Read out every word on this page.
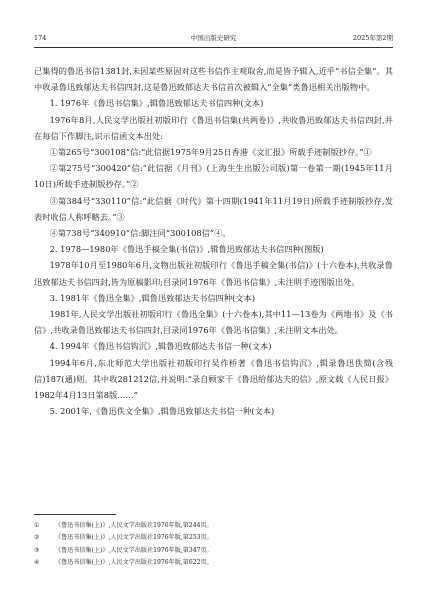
174	中国出版史研究	2025年第2期

已集得的鲁迅书信1381封,未因某些原因对这些书信作主观取舍,而是皆予辑入,近乎“书信全集”。其中收录鲁迅致郁达夫书信四封,这是鲁迅致郁达夫书信首次被辑入“全集”类鲁迅相关出版物中。

1. 1976年《鲁迅书信集》,辑鲁迅致郁达夫书信四种(文本)

1976年8月,人民文学出版社初版印行《鲁迅书信集(共两卷)》,共收鲁迅致郁达夫书信四封,并在每信下作脚注,识示信函文本出处:

①第265号“300108”信:“此信据1975年9月25日香港《文汇报》所载手迹制版抄存。”①

②第275号“300420”信:“此信据《月刊》(上海生生出版公司版)第一卷第一期(1945年11月10日)所载手迹制版抄存。”②

③第384号“330110”信:“此信据《时代》第十四期(1941年11月19日)所载手迹制版抄存,发表时收信人称呼略去。”③

④第738号“340910”信:脚注同“300108信”④。

2. 1978—1980年《鲁迅手稿全集(书信)》,辑鲁迅致郁达夫书信四种(图版)

1978年10月至1980年6月,文物出版社初版印行《鲁迅手稿全集(书信)》(十六卷本),共收录鲁迅致郁达夫书信四封,皆为原稿影印;目录同1976年《鲁迅书信集》,未注明手迹图版出处。

3. 1981年《鲁迅全集》,辑鲁迅致郁达夫书信四种(文本)

1981年,人民文学出版社初版印行《鲁迅全集》(十六卷本),其中11—13卷为《两地书》及《书信》,共收录鲁迅致郁达夫书信四封,目录同1976年《鲁迅书信集》,未注明文本出处。

4. 1994年《鲁迅书信钩沉》,辑鲁迅致郁达夫书信一种(文本)

1994年6月,东北师范大学出版社初版印行吴作桥著《鲁迅书信钩沉》,辑录鲁迅佚简(含残信)187(通)则。其中收281212信,并说明:“录自顾家干《鲁迅给郁达夫的信》,原文载《人民日报》1982年4月13日第8版……”

5. 2001年,《鲁迅佚文全集》,辑鲁迅致郁达夫书信一种(文本)

①	《鲁迅书信集(上)》,人民文学出版社1976年版,第244页。

②	《鲁迅书信集(上)》,人民文学出版社1976年版,第253页。

③	《鲁迅书信集(上)》,人民文学出版社1976年版,第347页。

④	《鲁迅书信集(上)》,人民文学出版社1976年版,第622页。
